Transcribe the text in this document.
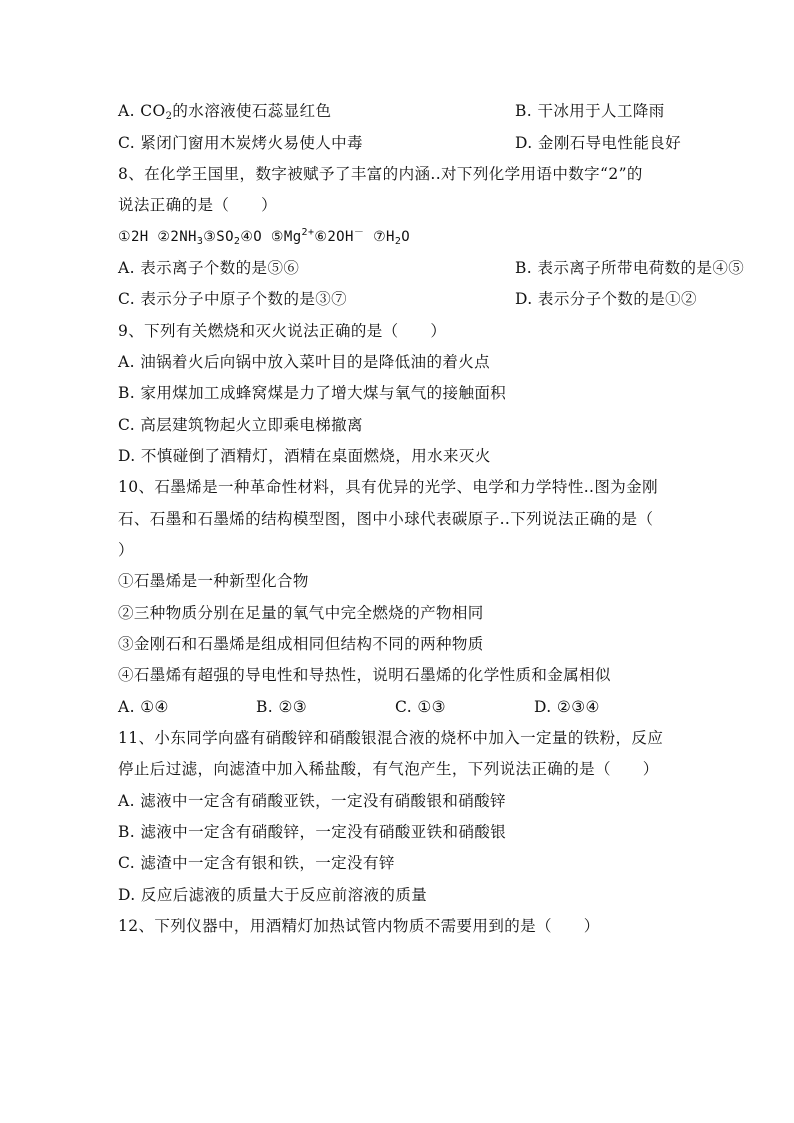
A. $CO_2$的水溶液使石蕊显红色	B. 干冰用于人工降雨
C. 紧闭门窗用木炭烤火易使人中毒	D. 金刚石导电性能良好
8、在化学王国里，数字被赋予了丰富的内涵..对下列化学用语中数字“2”的
说法正确的是（　　）
①2H $②2NH_3③SO_2④O$ $⑤Mg^{2+}⑥2OH^-$ $⑦H_2O$
A. 表示离子个数的是⑤⑥	B. 表示离子所带电荷数的是④⑤
C. 表示分子中原子个数的是③⑦	D. 表示分子个数的是①②
9、下列有关燃烧和灭火说法正确的是（　　）
A. 油锅着火后向锅中放入菜叶目的是降低油的着火点
B. 家用煤加工成蜂窝煤是力了增大煤与氧气的接触面积
C. 高层建筑物起火立即乘电梯撤离
D. 不慎碰倒了酒精灯，酒精在桌面燃烧，用水来灭火
10、石墨烯是一种革命性材料，具有优异的光学、电学和力学特性..图为金刚
石、石墨和石墨烯的结构模型图，图中小球代表碳原子..下列说法正确的是（
）
①石墨烯是一种新型化合物
②三种物质分别在足量的氧气中完全燃烧的产物相同
③金刚石和石墨烯是组成相同但结构不同的两种物质
④石墨烯有超强的导电性和导热性，说明石墨烯的化学性质和金属相似
A. ①④	B. ②③	C. ①③	D. ②③④
11、小东同学向盛有硝酸锌和硝酸银混合液的烧杯中加入一定量的铁粉，反应
停止后过滤，向滤渣中加入稀盐酸，有气泡产生，下列说法正确的是（　　）
A. 滤液中一定含有硝酸亚铁，一定没有硝酸银和硝酸锌
B. 滤液中一定含有硝酸锌，一定没有硝酸亚铁和硝酸银
C. 滤渣中一定含有银和铁，一定没有锌
D. 反应后滤液的质量大于反应前溶液的质量
12、下列仪器中，用酒精灯加热试管内物质不需要用到的是（　　）
